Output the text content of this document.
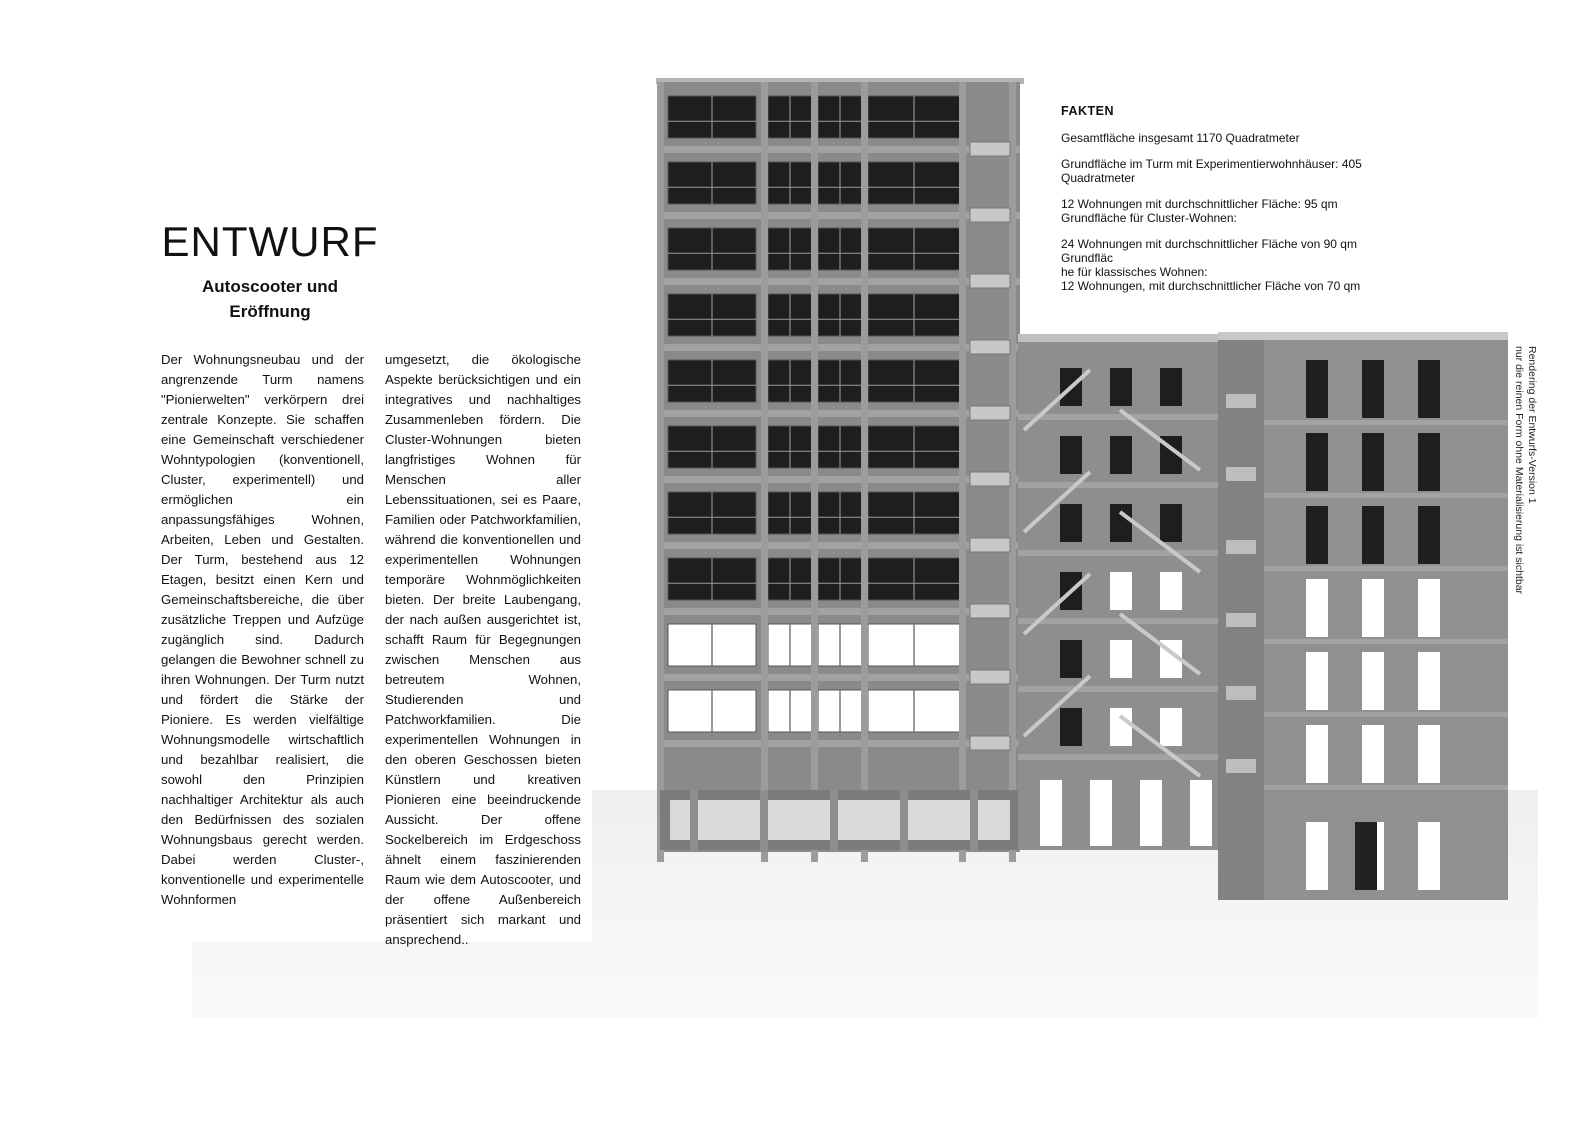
ENTWURF
Autoscooter und Eröffnung
Der Wohnungsneubau und der angrenzende Turm namens "Pionierwelten" verkörpern drei zentrale Konzepte. Sie schaffen eine Gemeinschaft verschiedener Wohntypologien (konventionell, Cluster, experimentell) und ermöglichen ein anpassungsfähiges Wohnen, Arbeiten, Leben und Gestalten. Der Turm, bestehend aus 12 Etagen, besitzt einen Kern und Gemeinschaftsbereiche, die über zusätzliche Treppen und Aufzüge zugänglich sind. Dadurch gelangen die Bewohner schnell zu ihren Wohnungen. Der Turm nutzt und fördert die Stärke der Pioniere. Es werden vielfältige Wohnungsmodelle wirtschaftlich und bezahlbar realisiert, die sowohl den Prinzipien nachhaltiger Architektur als auch den Bedürfnissen des sozialen Wohnungsbaus gerecht werden. Dabei werden Cluster-, konventionelle und experimentelle Wohnformen
umgesetzt, die ökologische Aspekte berücksichtigen und ein integratives und nachhaltiges Zusammenleben fördern. Die Cluster-Wohnungen bieten langfristiges Wohnen für Menschen aller Lebenssituationen, sei es Paare, Familien oder Patchworkfamilien, während die konventionellen und experimentellen Wohnungen temporäre Wohnmöglichkeiten bieten. Der breite Laubengang, der nach außen ausgerichtet ist, schafft Raum für Begegnungen zwischen Menschen aus betreutem Wohnen, Studierenden und Patchworkfamilien. Die experimentellen Wohnungen in den oberen Geschossen bieten Künstlern und kreativen Pionieren eine beeindruckende Aussicht. Der offene Sockelbereich im Erdgeschoss ähnelt einem faszinierenden Raum wie dem Autoscooter, und der offene Außenbereich präsentiert sich markant und ansprechend..
FAKTEN

Gesamtfläche insgesamt 1170 Quadratmeter

Grundfläche im Turm mit Experimentierwohnhäuser: 405
Quadratmeter

12 Wohnungen mit durchschnittlicher Fläche: 95 qm
Grundfläche für Cluster-Wohnen:

24 Wohnungen mit durchschnittlicher Fläche von 90 qm
Grundfläc
he für klassisches Wohnen:
12 Wohnungen, mit durchschnittlicher Fläche von 70 qm

Rendering der Entwurfs-Version 1
nur die reinen Form ohne Materialisierung ist sichtbar
